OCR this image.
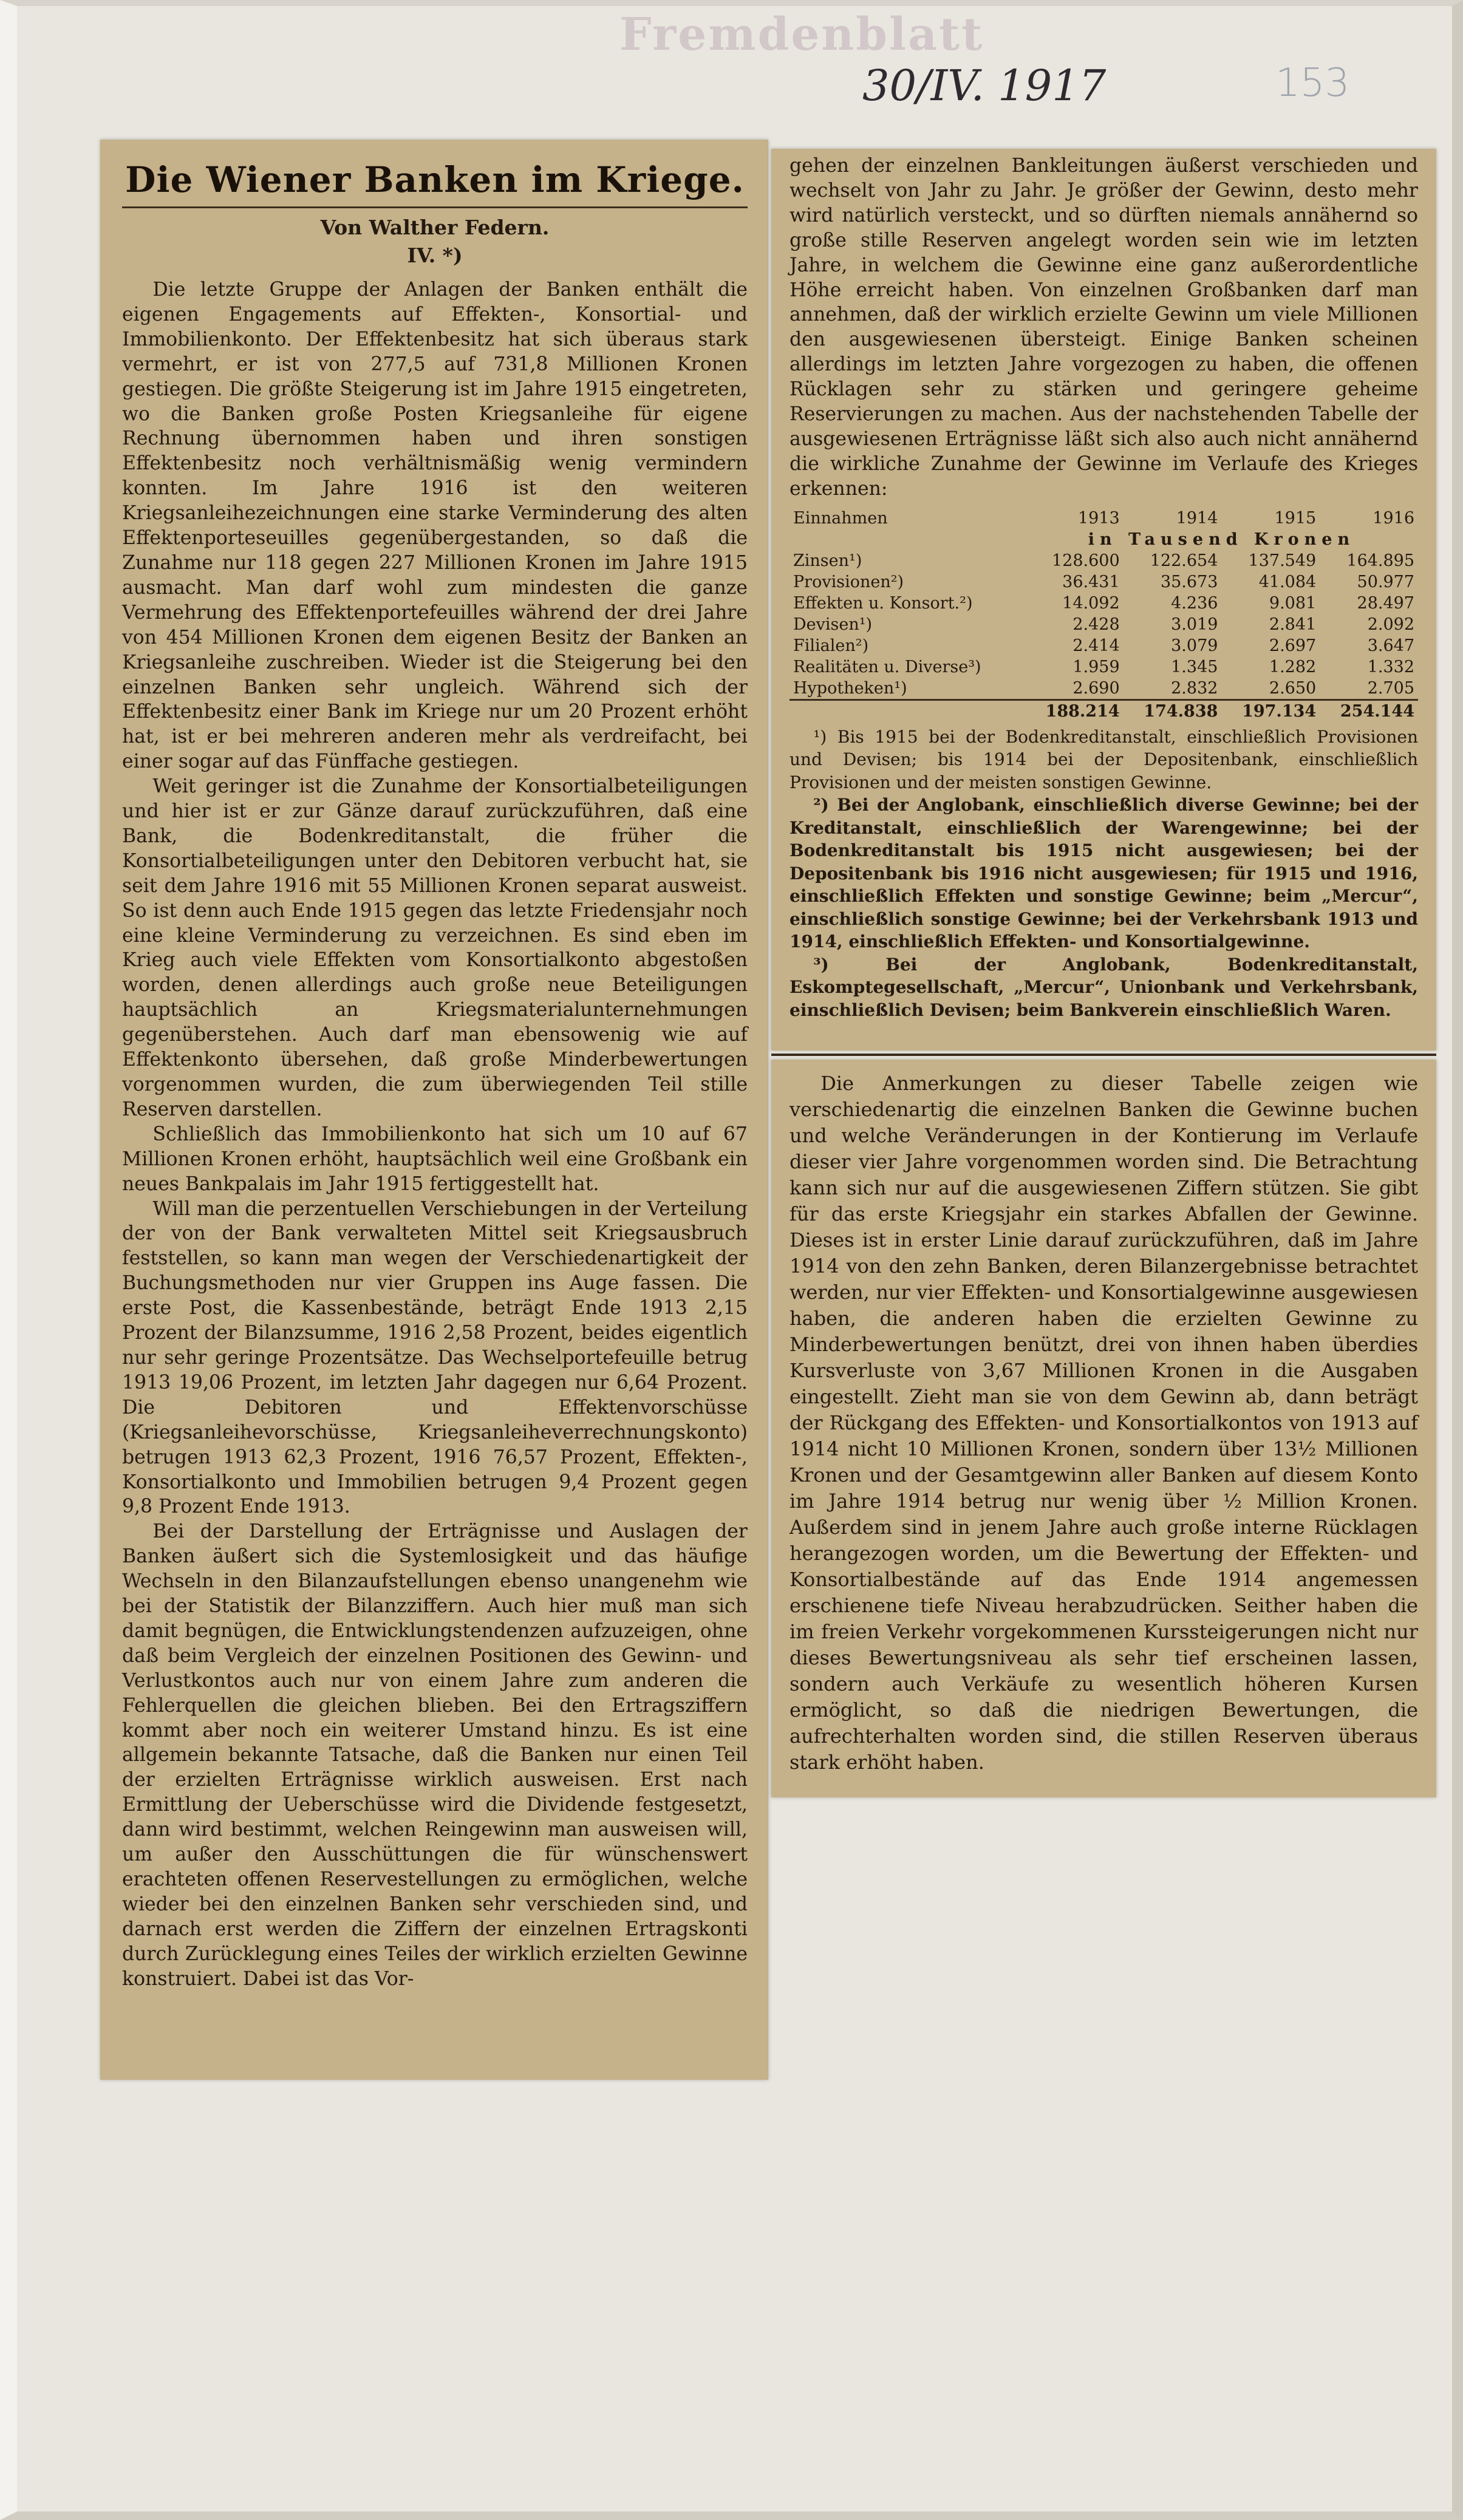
Fremdenblatt
30/IV. 1917	153
Die Wiener Banken im Kriege.
Von Walther Federn.
IV. *)

Die letzte Gruppe der Anlagen der Banken enthält die eigenen Engagements auf Effekten-, Konsortial- und Immobilienkonto. Der Effektenbesitz hat sich überaus stark vermehrt, er ist von 277,5 auf 731,8 Millionen Kronen gestiegen. Die größte Steigerung ist im Jahre 1915 eingetreten, wo die Banken große Posten Kriegsanleihe für eigene Rechnung übernommen haben und ihren sonstigen Effektenbesitz noch verhältnismäßig wenig vermindern konnten. Im Jahre 1916 ist den weiteren Kriegsanleihezeichnungen eine starke Verminderung des alten Effektenporteseuilles gegenübergestanden, so daß die Zunahme nur 118 gegen 227 Millionen Kronen im Jahre 1915 ausmacht. Man darf wohl zum mindesten die ganze Vermehrung des Effektenportefeuilles während der drei Jahre von 454 Millionen Kronen dem eigenen Besitz der Banken an Kriegsanleihe zuschreiben. Wieder ist die Steigerung bei den einzelnen Banken sehr ungleich. Während sich der Effektenbesitz einer Bank im Kriege nur um 20 Prozent erhöht hat, ist er bei mehreren anderen mehr als verdreifacht, bei einer sogar auf das Fünffache gestiegen.

Weit geringer ist die Zunahme der Konsortialbeteiligungen und hier ist er zur Gänze darauf zurückzuführen, daß eine Bank, die Bodenkreditanstalt, die früher die Konsortialbeteiligungen unter den Debitoren verbucht hat, sie seit dem Jahre 1916 mit 55 Millionen Kronen separat ausweist. So ist denn auch Ende 1915 gegen das letzte Friedensjahr noch eine kleine Verminderung zu verzeichnen. Es sind eben im Krieg auch viele Effekten vom Konsortialkonto abgestoßen worden, denen allerdings auch große neue Beteiligungen hauptsächlich an Kriegsmaterialunternehmungen gegenüberstehen. Auch darf man ebensowenig wie auf Effektenkonto übersehen, daß große Minderbewertungen vorgenommen wurden, die zum überwiegenden Teil stille Reserven darstellen.

Schließlich das Immobilienkonto hat sich um 10 auf 67 Millionen Kronen erhöht, hauptsächlich weil eine Großbank ein neues Bankpalais im Jahr 1915 fertiggestellt hat.

Will man die perzentuellen Verschiebungen in der Verteilung der von der Bank verwalteten Mittel seit Kriegsausbruch feststellen, so kann man wegen der Verschiedenartigkeit der Buchungsmethoden nur vier Gruppen ins Auge fassen. Die erste Post, die Kassenbestände, beträgt Ende 1913 2,15 Prozent der Bilanzsumme, 1916 2,58 Prozent, beides eigentlich nur sehr geringe Prozentsätze. Das Wechselportefeuille betrug 1913 19,06 Prozent, im letzten Jahr dagegen nur 6,64 Prozent. Die Debitoren und Effektenvorschüsse (Kriegsanleihevorschüsse, Kriegsanleiheverrechnungskonto) betrugen 1913 62,3 Prozent, 1916 76,57 Prozent, Effekten-, Konsortialkonto und Immobilien betrugen 9,4 Prozent gegen 9,8 Prozent Ende 1913.

Bei der Darstellung der Erträgnisse und Auslagen der Banken äußert sich die Systemlosigkeit und das häufige Wechseln in den Bilanzaufstellungen ebenso unangenehm wie bei der Statistik der Bilanzziffern. Auch hier muß man sich damit begnügen, die Entwicklungstendenzen aufzuzeigen, ohne daß beim Vergleich der einzelnen Positionen des Gewinn- und Verlustkontos auch nur von einem Jahre zum anderen die Fehlerquellen die gleichen blieben. Bei den Ertragsziffern kommt aber noch ein weiterer Umstand hinzu. Es ist eine allgemein bekannte Tatsache, daß die Banken nur einen Teil der erzielten Erträgnisse wirklich ausweisen. Erst nach Ermittlung der Ueberschüsse wird die Dividende festgesetzt, dann wird bestimmt, welchen Reingewinn man ausweisen will, um außer den Ausschüttungen die für wünschenswert erachteten offenen Reservestellungen zu ermöglichen, welche wieder bei den einzelnen Banken sehr verschieden sind, und darnach erst werden die Ziffern der einzelnen Ertragskonti durch Zurücklegung eines Teiles der wirklich erzielten Gewinne konstruiert. Dabei ist das Vor-

gehen der einzelnen Bankleitungen äußerst verschieden und wechselt von Jahr zu Jahr. Je größer der Gewinn, desto mehr wird natürlich versteckt, und so dürften niemals annähernd so große stille Reserven angelegt worden sein wie im letzten Jahre, in welchem die Gewinne eine ganz außerordentliche Höhe erreicht haben. Von einzelnen Großbanken darf man annehmen, daß der wirklich erzielte Gewinn um viele Millionen den ausgewiesenen übersteigt. Einige Banken scheinen allerdings im letzten Jahre vorgezogen zu haben, die offenen Rücklagen sehr zu stärken und geringere geheime Reservierungen zu machen. Aus der nachstehenden Tabelle der ausgewiesenen Erträgnisse läßt sich also auch nicht annähernd die wirkliche Zunahme der Gewinne im Verlaufe des Krieges erkennen:

Einnahmen	1913	1914	1915	1916
	in Tausend Kronen			
Zinsen¹)	128.600	122.654	137.549	164.895
Provisionen²)	36.431	35.673	41.084	50.977
Effekten u. Konsort.²)	14.092	4.236	9.081	28.497
Devisen¹)	2.428	3.019	2.841	2.092
Filialen²)	2.414	3.079	2.697	3.647
Realitäten u. Diverse³)	1.959	1.345	1.282	1.332
Hypotheken¹)	2.690	2.832	2.650	2.705
	188.214	174.838	197.134	254.144

¹) Bis 1915 bei der Bodenkreditanstalt, einschließlich Provisionen und Devisen; bis 1914 bei der Depositenbank, einschließlich Provisionen und der meisten sonstigen Gewinne.

²) Bei der Anglobank, einschließlich diverse Gewinne; bei der Kreditanstalt, einschließlich der Warengewinne; bei der Bodenkreditanstalt bis 1915 nicht ausgewiesen; bei der Depositenbank bis 1916 nicht ausgewiesen; für 1915 und 1916, einschließlich Effekten und sonstige Gewinne; beim „Mercur“, einschließlich sonstige Gewinne; bei der Verkehrsbank 1913 und 1914, einschließlich Effekten- und Konsortialgewinne.

³) Bei der Anglobank, Bodenkreditanstalt, Eskomptegesellschaft, „Mercur“, Unionbank und Verkehrsbank, einschließlich Devisen; beim Bankverein einschließlich Waren.

Die Anmerkungen zu dieser Tabelle zeigen wie verschiedenartig die einzelnen Banken die Gewinne buchen und welche Veränderungen in der Kontierung im Verlaufe dieser vier Jahre vorgenommen worden sind. Die Betrachtung kann sich nur auf die ausgewiesenen Ziffern stützen. Sie gibt für das erste Kriegsjahr ein starkes Abfallen der Gewinne. Dieses ist in erster Linie darauf zurückzuführen, daß im Jahre 1914 von den zehn Banken, deren Bilanzergebnisse betrachtet werden, nur vier Effekten- und Konsortialgewinne ausgewiesen haben, die anderen haben die erzielten Gewinne zu Minderbewertungen benützt, drei von ihnen haben überdies Kursverluste von 3,67 Millionen Kronen in die Ausgaben eingestellt. Zieht man sie von dem Gewinn ab, dann beträgt der Rückgang des Effekten- und Konsortialkontos von 1913 auf 1914 nicht 10 Millionen Kronen, sondern über 13½ Millionen Kronen und der Gesamtgewinn aller Banken auf diesem Konto im Jahre 1914 betrug nur wenig über ½ Million Kronen. Außerdem sind in jenem Jahre auch große interne Rücklagen herangezogen worden, um die Bewertung der Effekten- und Konsortialbestände auf das Ende 1914 angemessen erschienene tiefe Niveau herabzudrücken. Seither haben die im freien Verkehr vorgekommenen Kurssteigerungen nicht nur dieses Bewertungsniveau als sehr tief erscheinen lassen, sondern auch Verkäufe zu wesentlich höheren Kursen ermöglicht, so daß die niedrigen Bewertungen, die aufrechterhalten worden sind, die stillen Reserven überaus stark erhöht haben.
